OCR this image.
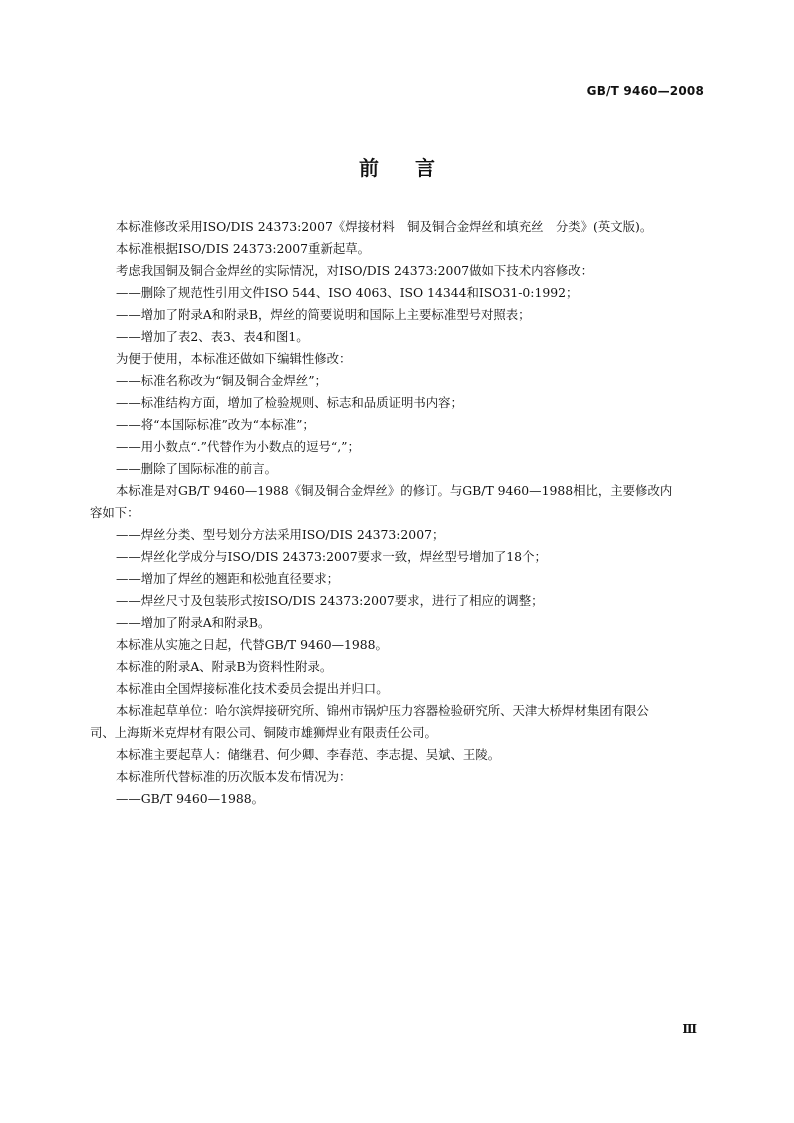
GB/T 9460—2008
前言

本标准修改采用ISO/DIS 24373:2007《焊接材料　铜及铜合金焊丝和填充丝　分类》(英文版)。

本标准根据ISO/DIS 24373:2007重新起草。

考虑我国铜及铜合金焊丝的实际情况，对ISO/DIS 24373:2007做如下技术内容修改：

——删除了规范性引用文件ISO 544、ISO 4063、ISO 14344和ISO31-0:1992；

——增加了附录A和附录B，焊丝的简要说明和国际上主要标准型号对照表；

——增加了表2、表3、表4和图1。

为便于使用，本标准还做如下编辑性修改：

——标准名称改为“铜及铜合金焊丝”；

——标准结构方面，增加了检验规则、标志和品质证明书内容；

——将“本国际标准”改为“本标准”；

——用小数点“.”代替作为小数点的逗号“,”；

——删除了国际标准的前言。

本标准是对GB/T 9460—1988《铜及铜合金焊丝》的修订。与GB/T 9460—1988相比，主要修改内

容如下：

——焊丝分类、型号划分方法采用ISO/DIS 24373:2007；

——焊丝化学成分与ISO/DIS 24373:2007要求一致，焊丝型号增加了18个；

——增加了焊丝的翘距和松弛直径要求；

——焊丝尺寸及包装形式按ISO/DIS 24373:2007要求，进行了相应的调整；

——增加了附录A和附录B。

本标准从实施之日起，代替GB/T 9460—1988。

本标准的附录A、附录B为资料性附录。

本标准由全国焊接标准化技术委员会提出并归口。

本标准起草单位：哈尔滨焊接研究所、锦州市锅炉压力容器检验研究所、天津大桥焊材集团有限公

司、上海斯米克焊材有限公司、铜陵市雄狮焊业有限责任公司。

本标准主要起草人：储继君、何少卿、李春范、李志提、吴斌、王陵。

本标准所代替标准的历次版本发布情况为：

——GB/T 9460—1988。

Ⅲ
